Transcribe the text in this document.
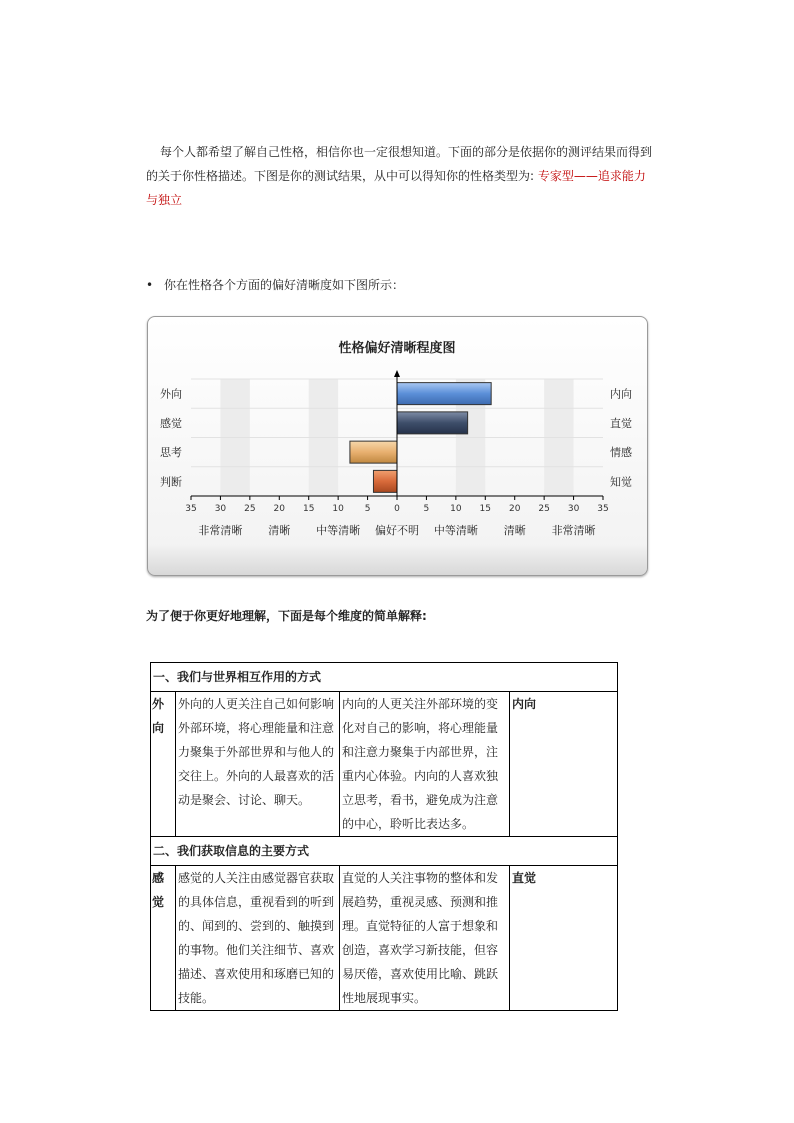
每个人都希望了解自己性格，相信你也一定很想知道。下面的部分是依据你的测评结果而得到的关于你性格描述。下图是你的测试结果，从中可以得知你的性格类型为: 专家型——追求能力与独立
• 你在性格各个方面的偏好清晰度如下图所示：
性格偏好清晰程度图
35 30 25 20 15 10 5	0	5 10 15 20 25 30 35
非常清晰 清晰 中等清晰 偏好不明 中等清晰 清晰 非常清晰
外向
感觉
思考
判断
内向
直觉
情感
知觉
为了便于你更好地理解，下面是每个维度的简单解释:
一、我们与世界相互作用的方式			
外向	外向的人更关注自己如何影响外部环境，将心理能量和注意力聚集于外部世界和与他人的交往上。外向的人最喜欢的活动是聚会、讨论、聊天。	内向的人更关注外部环境的变化对自己的影响，将心理能量和注意力聚集于内部世界，注重内心体验。内向的人喜欢独立思考，看书，避免成为注意的中心，聆听比表达多。	内向
二、我们获取信息的主要方式			
感觉	感觉的人关注由感觉器官获取的具体信息，重视看到的听到的、闻到的、尝到的、触摸到的事物。他们关注细节、喜欢描述、喜欢使用和琢磨已知的技能。	直觉的人关注事物的整体和发展趋势，重视灵感、预测和推理。直觉特征的人富于想象和创造，喜欢学习新技能，但容易厌倦，喜欢使用比喻、跳跃性地展现事实。	直觉
